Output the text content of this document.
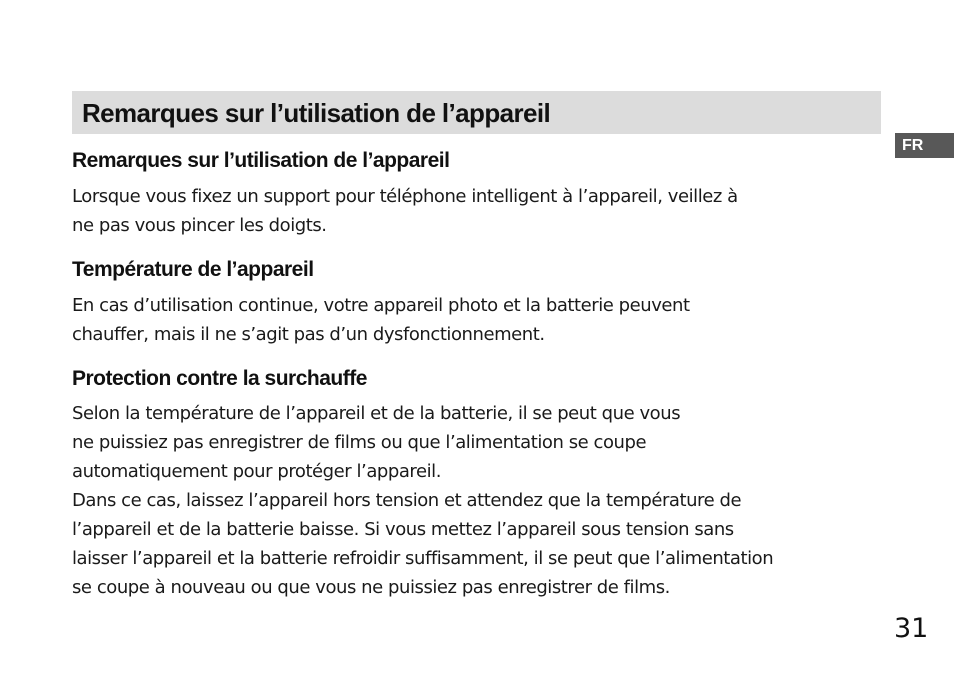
Remarques sur l’utilisation de l’appareil
FR
Remarques sur l’utilisation de l’appareil

Lorsque vous fixez un support pour téléphone intelligent à l’appareil, veillez à
ne pas vous pincer les doigts.

Température de l’appareil

En cas d’utilisation continue, votre appareil photo et la batterie peuvent
chauffer, mais il ne s’agit pas d’un dysfonctionnement.

Protection contre la surchauffe

Selon la température de l’appareil et de la batterie, il se peut que vous
ne puissiez pas enregistrer de films ou que l’alimentation se coupe
automatiquement pour protéger l’appareil.
Dans ce cas, laissez l’appareil hors tension et attendez que la température de
l’appareil et de la batterie baisse. Si vous mettez l’appareil sous tension sans
laisser l’appareil et la batterie refroidir suffisamment, il se peut que l’alimentation
se coupe à nouveau ou que vous ne puissiez pas enregistrer de films.

31
